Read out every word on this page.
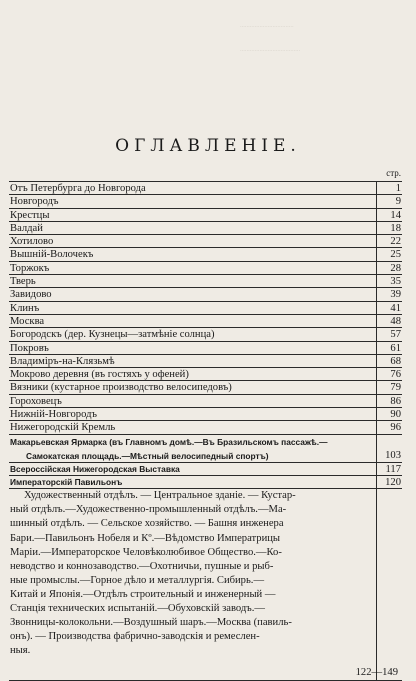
.................................
.....................................
ОГЛАВЛЕНІЕ.
стр.
Отъ Петербурга до Новгорода	1
Новгородъ	9
Крестцы	14
Валдай	18
Хотилово	22
Вышній-Волочекъ	25
Торжокъ	28
Тверь	35
Завидово	39
Клинъ	41
Москва	48
Богородскъ (дер. Кузнецы—затмѣніе солнца)	57
Покровъ	61
Владиміръ-на-Клязьмѣ	68
Мокрово деревня (въ гостяхъ у офеней)	76
Вязники (кустарное производство велосипедовъ)	79
Гороховецъ	86
Нижній-Новгородъ	90
Нижегородскій Кремль	96
Макарьевская Ярмарка (въ Главномъ домѣ.—Въ Бразильскомъ пассажѣ.—
Самокатская площадь.—Мѣстный велосипедный спортъ)	103
Всероссійская Нижегородская Выставка	117
Императорскій Павильонъ	120
Художественный отдѣлъ. — Центральное зданіе. — Кустар-
ный отдѣлъ.—Художественно-промышленный отдѣлъ.—Ма-
шинный отдѣлъ. — Сельское хозяйство. — Башня инженера
Бари.—Павильонъ Нобеля и Кº.—Вѣдомство Императрицы
Маріи.—Императорское Человѣколюбивое Общество.—Ко-
неводство и коннозаводство.—Охотничьи, пушные и рыб-
ные промыслы.—Горное дѣло и металлургія. Сибирь.—
Китай и Японія.—Отдѣлъ строительный и инженерный —
Станція технических испытаній.—Обуховскій заводъ.—
Звонницы-колокольни.—Воздушный шаръ.—Москва (павиль-
онъ). — Производства фабрично-заводскія и ремеслен-
ныя.
122—149
